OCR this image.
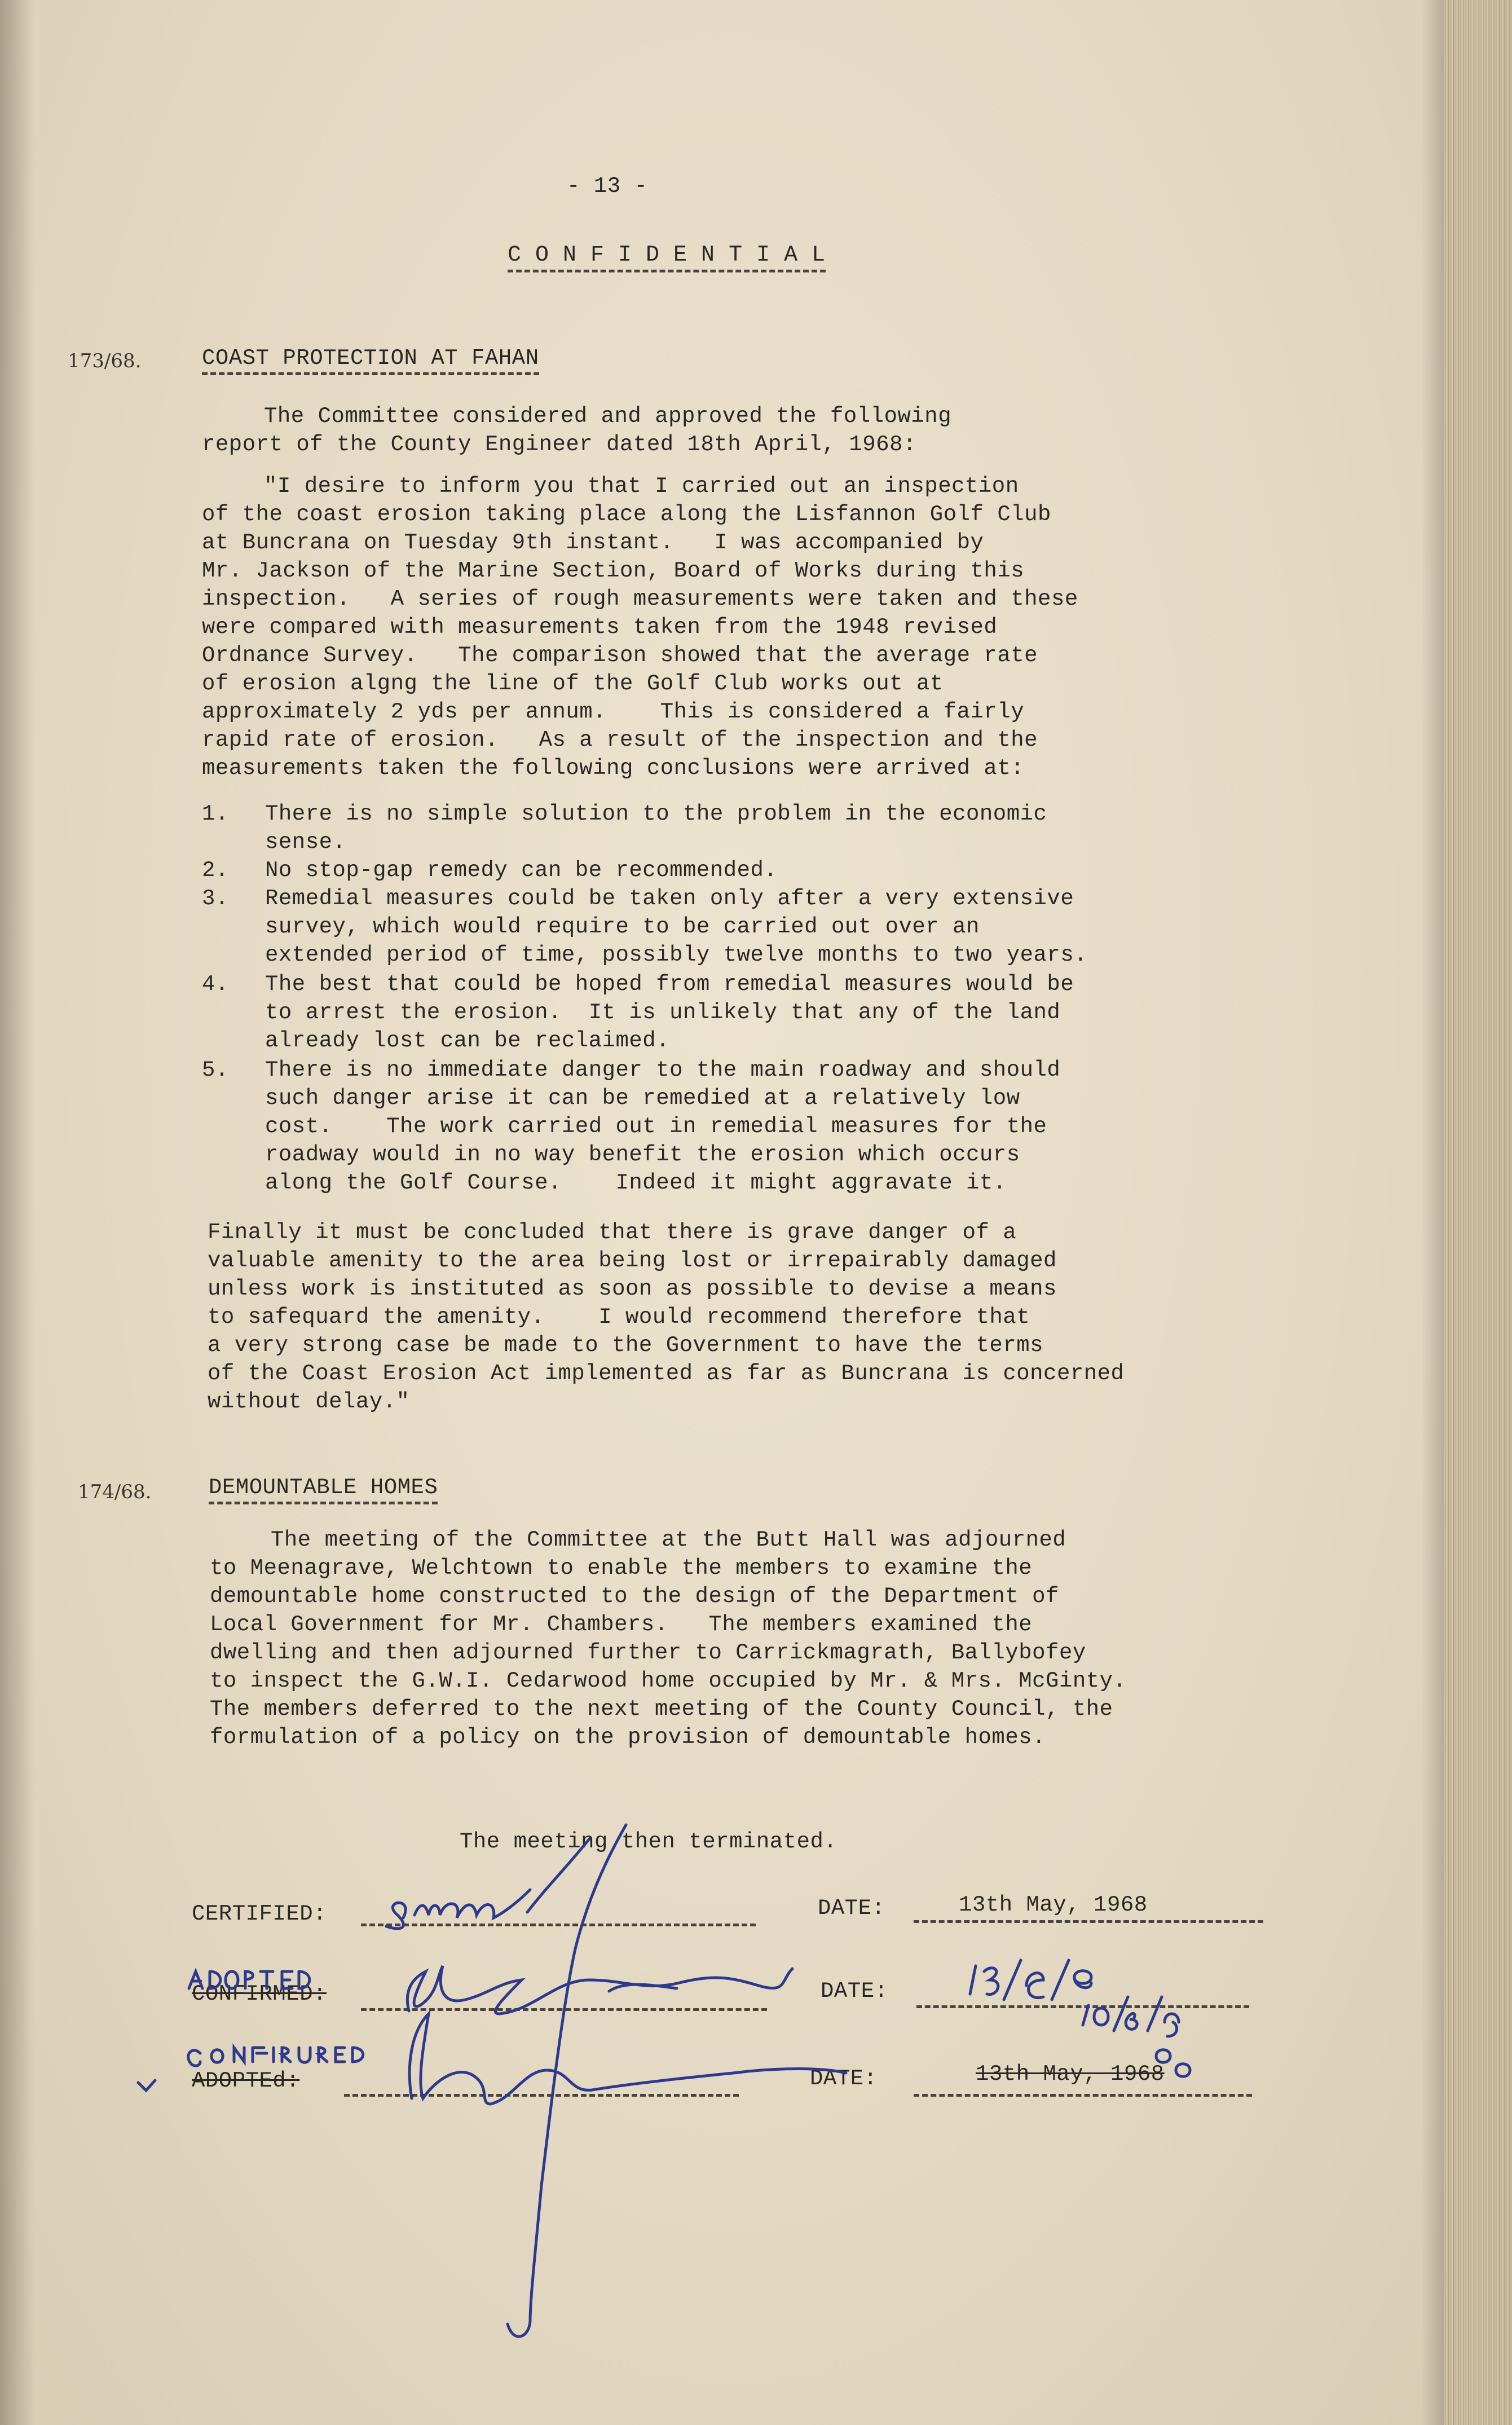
- 13 -
C O N F I D E N T I A L
173/68.	COAST PROTECTION AT FAHAN
The Committee considered and approved the following
report of the County Engineer dated 18th April, 1968:
"I desire to inform you that I carried out an inspection
of the coast erosion taking place along the Lisfannon Golf Club
at Buncrana on Tuesday 9th instant.   I was accompanied by
Mr. Jackson of the Marine Section, Board of Works during this
inspection.   A series of rough measurements were taken and these
were compared with measurements taken from the 1948 revised
Ordnance Survey.   The comparison showed that the average rate
of erosion algng the line of the Golf Club works out at
approximately 2 yds per annum.    This is considered a fairly
rapid rate of erosion.   As a result of the inspection and the
measurements taken the following conclusions were arrived at:
1. There is no simple solution to the problem in the economic
sense.
2. No stop-gap remedy can be recommended.
3. Remedial measures could be taken only after a very extensive
survey, which would require to be carried out over an
extended period of time, possibly twelve months to two years.
4. The best that could be hoped from remedial measures would be
to arrest the erosion.  It is unlikely that any of the land
already lost can be reclaimed.
5. There is no immediate danger to the main roadway and should
such danger arise it can be remedied at a relatively low
cost.    The work carried out in remedial measures for the
roadway would in no way benefit the erosion which occurs
along the Golf Course.    Indeed it might aggravate it.
Finally it must be concluded that there is grave danger of a
valuable amenity to the area being lost or irrepairably damaged
unless work is instituted as soon as possible to devise a means
to safequard the amenity.    I would recommend therefore that
a very strong case be made to the Government to have the terms
of the Coast Erosion Act implemented as far as Buncrana is concerned
without delay."
174/68.	DEMOUNTABLE HOMES
The meeting of the Committee at the Butt Hall was adjourned
to Meenagrave, Welchtown to enable the members to examine the
demountable home constructed to the design of the Department of
Local Government for Mr. Chambers.   The members examined the
dwelling and then adjourned further to Carrickmagrath, Ballybofey
to inspect the G.W.I. Cedarwood home occupied by Mr. & Mrs. McGinty.
The members deferred to the next meeting of the County Council, the
formulation of a policy on the provision of demountable homes.
The meeting then terminated.
CERTIFIED:	DATE:	13th May, 1968
CONFIRMED:	DATE:
ADOPTEd:	DATE:	13th May, 1968
